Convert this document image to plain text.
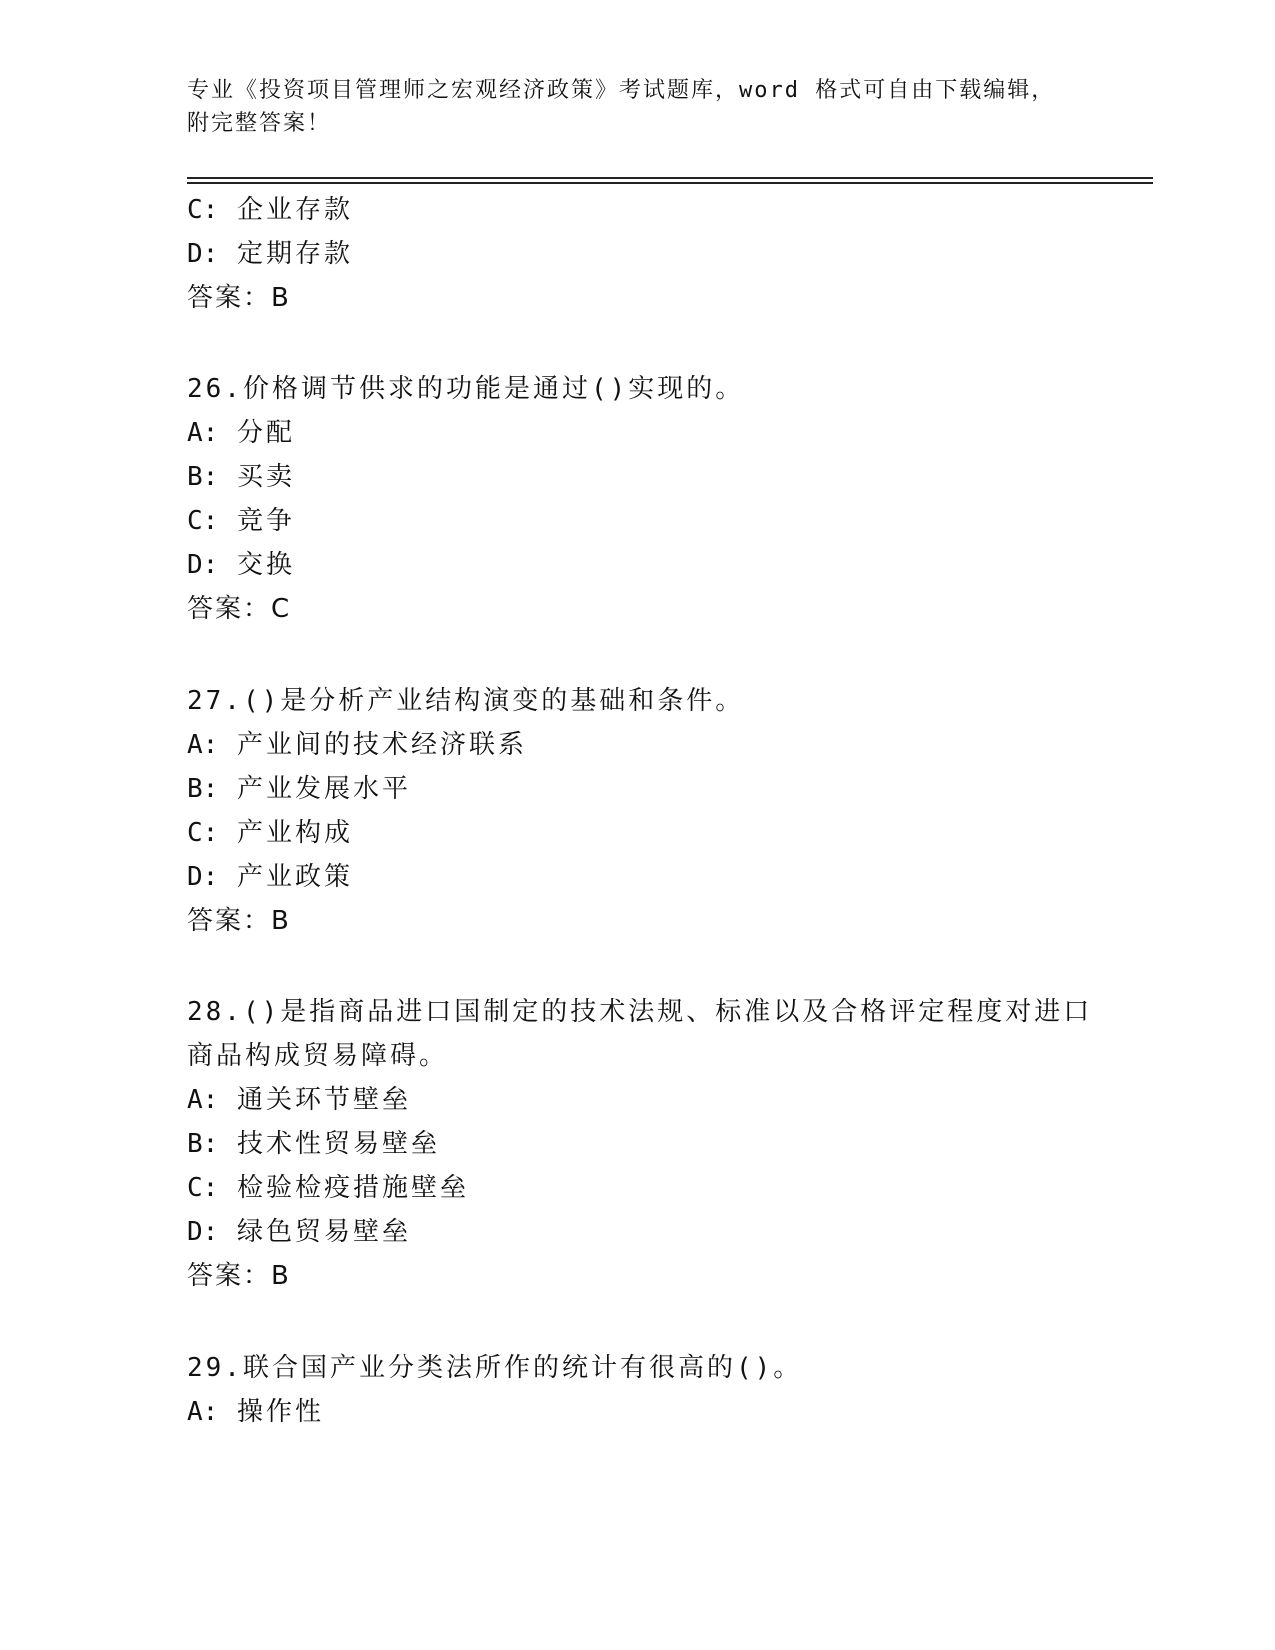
专业《投资项目管理师之宏观经济政策》考试题库，word 格式可自由下载编辑，
附完整答案！
C: 企业存款
D: 定期存款
答案：B
26.价格调节供求的功能是通过()实现的。
A: 分配
B: 买卖
C: 竞争
D: 交换
答案：C
27.()是分析产业结构演变的基础和条件。
A: 产业间的技术经济联系
B: 产业发展水平
C: 产业构成
D: 产业政策
答案：B
28.()是指商品进口国制定的技术法规、标准以及合格评定程度对进口
商品构成贸易障碍。
A: 通关环节壁垒
B: 技术性贸易壁垒
C: 检验检疫措施壁垒
D: 绿色贸易壁垒
答案：B
29.联合国产业分类法所作的统计有很高的()。
A: 操作性
